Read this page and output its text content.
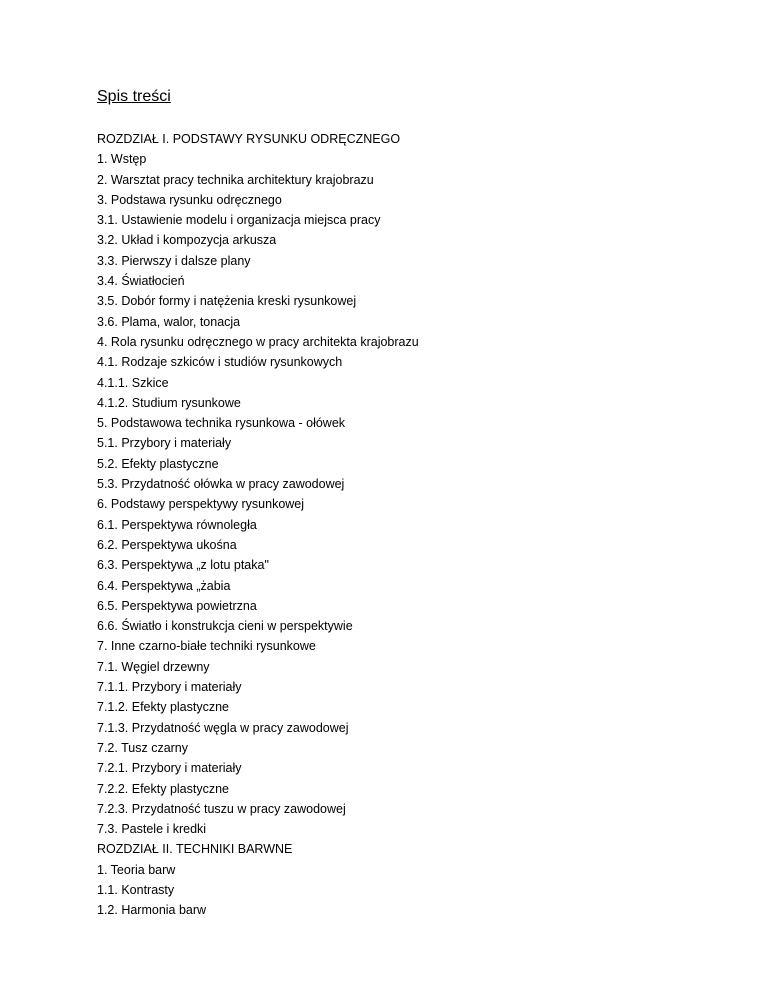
Spis treści
ROZDZIAŁ I. PODSTAWY RYSUNKU ODRĘCZNEGO
1. Wstęp
2. Warsztat pracy technika architektury krajobrazu
3. Podstawa rysunku odręcznego
3.1. Ustawienie modelu i organizacja miejsca pracy
3.2. Układ i kompozycja arkusza
3.3. Pierwszy i dalsze plany
3.4. Światłocień
3.5. Dobór formy i natężenia kreski rysunkowej
3.6. Plama, walor, tonacja
4. Rola rysunku odręcznego w pracy architekta krajobrazu
4.1. Rodzaje szkiców i studiów rysunkowych
4.1.1. Szkice
4.1.2. Studium rysunkowe
5. Podstawowa technika rysunkowa - ołówek
5.1. Przybory i materiały
5.2. Efekty plastyczne
5.3. Przydatność ołówka w pracy zawodowej
6. Podstawy perspektywy rysunkowej
6.1. Perspektywa równoległa
6.2. Perspektywa ukośna
6.3. Perspektywa „z lotu ptaka"
6.4. Perspektywa „żabia
6.5. Perspektywa powietrzna
6.6. Światło i konstrukcja cieni w perspektywie
7. Inne czarno-białe techniki rysunkowe
7.1. Węgiel drzewny
7.1.1. Przybory i materiały
7.1.2. Efekty plastyczne
7.1.3. Przydatność węgla w pracy zawodowej
7.2. Tusz czarny
7.2.1. Przybory i materiały
7.2.2. Efekty plastyczne
7.2.3. Przydatność tuszu w pracy zawodowej
7.3. Pastele i kredki
ROZDZIAŁ II. TECHNIKI BARWNE
1. Teoria barw
1.1. Kontrasty
1.2. Harmonia barw
